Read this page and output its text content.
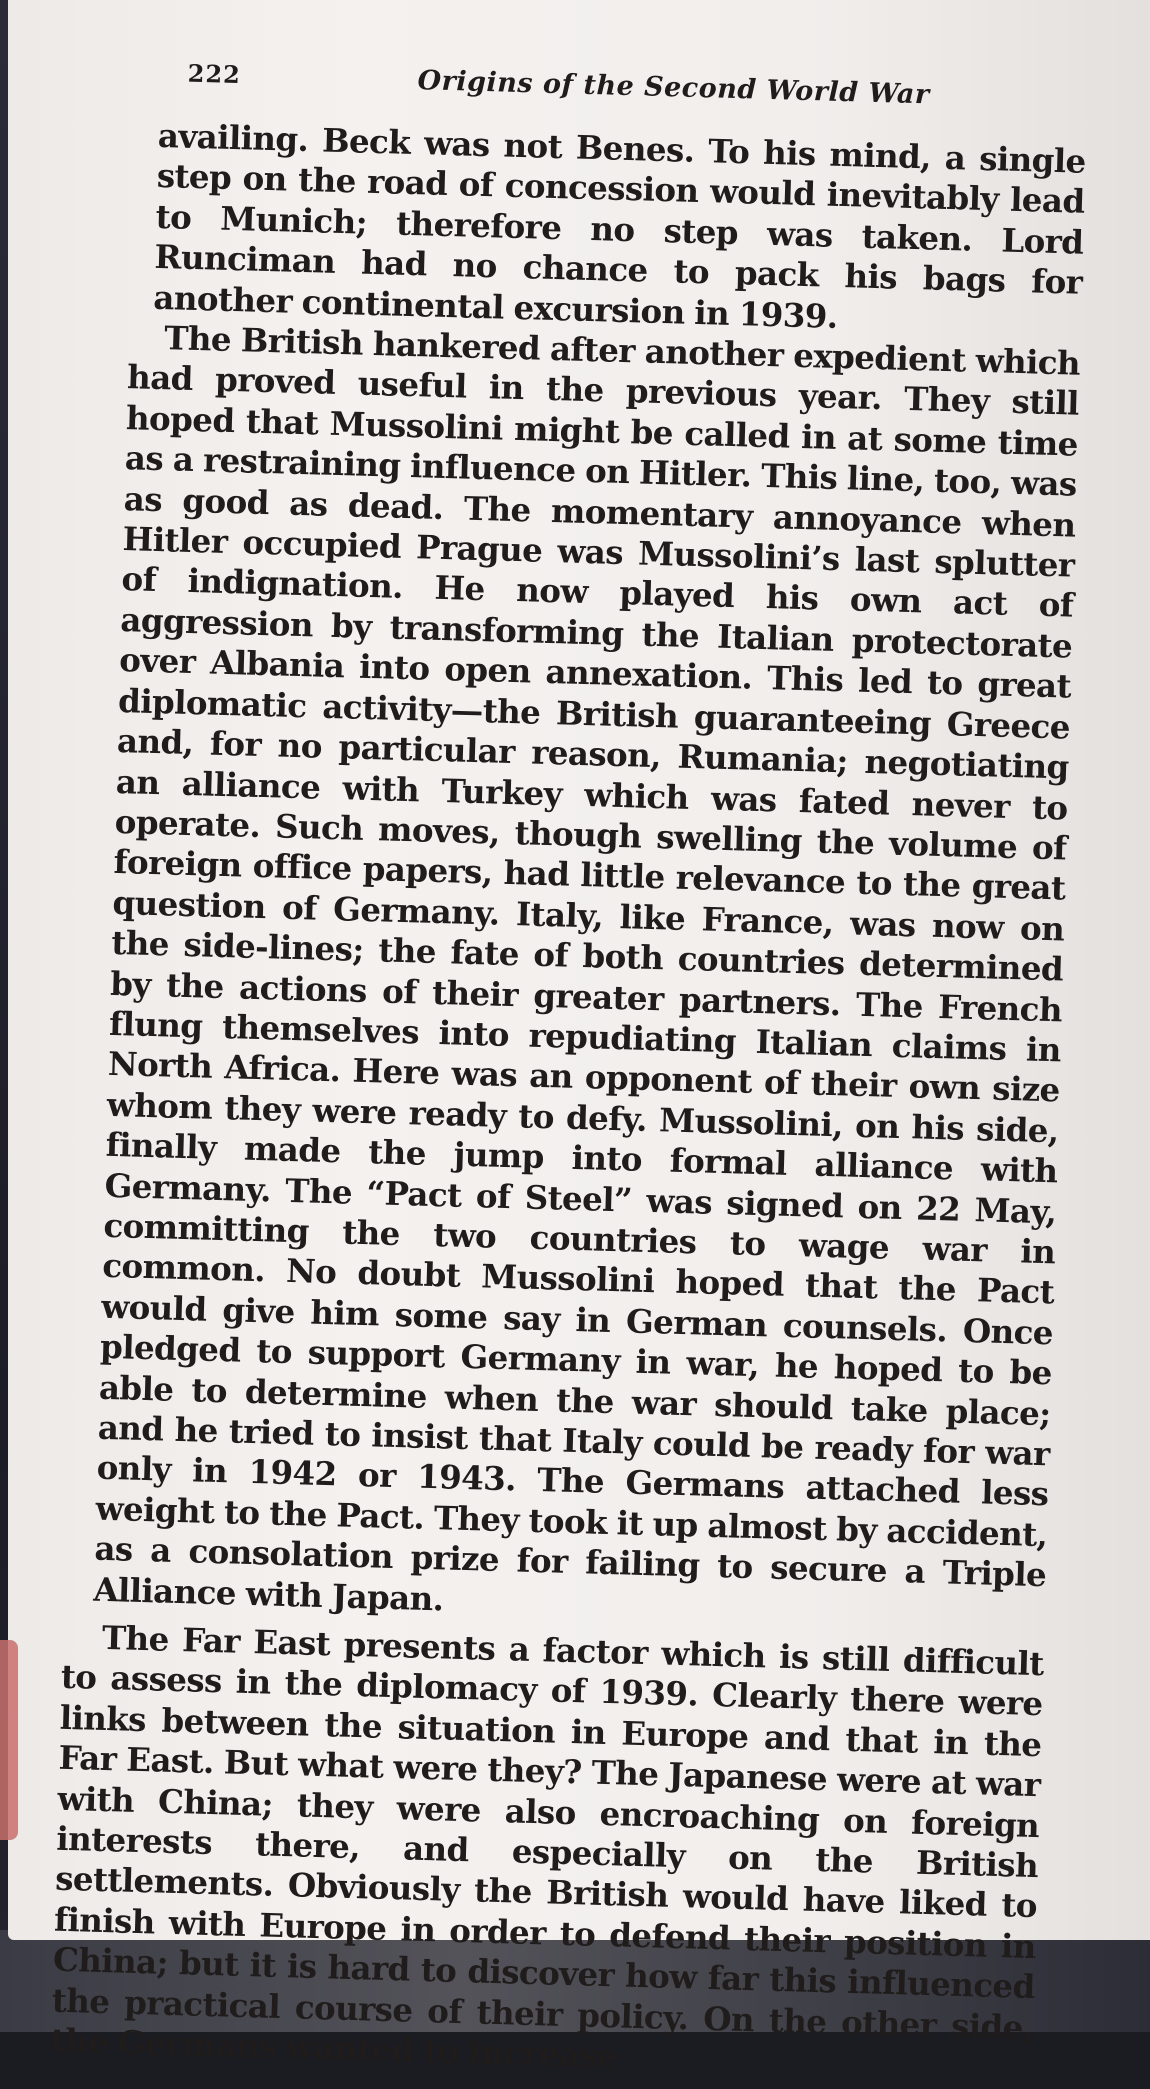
222	Origins of the Second World War

availing. Beck was not Benes. To his mind, a single step on the road of concession would inevitably lead to Munich; therefore no step was taken. Lord Runciman had no chance to pack his bags for another continental excursion in 1939.

The British hankered after another expedient which had proved useful in the previous year. They still hoped that Mussolini might be called in at some time as a restraining influence on Hitler. This line, too, was as good as dead. The momentary annoyance when Hitler occupied Prague was Mussolini’s last splutter of indignation. He now played his own act of aggression by transforming the Italian protectorate over Albania into open annexation. This led to great diplomatic activity—the British guaranteeing Greece and, for no particular reason, Rumania; negotiating an alliance with Turkey which was fated never to operate. Such moves, though swelling the volume of foreign office papers, had little relevance to the great question of Germany. Italy, like France, was now on the side-lines; the fate of both countries determined by the actions of their greater partners. The French flung themselves into repudiating Italian claims in North Africa. Here was an opponent of their own size whom they were ready to defy. Mussolini, on his side, finally made the jump into formal alliance with Germany. The “Pact of Steel” was signed on 22 May, committing the two countries to wage war in common. No doubt Mussolini hoped that the Pact would give him some say in German counsels. Once pledged to support Germany in war, he hoped to be able to determine when the war should take place; and he tried to insist that Italy could be ready for war only in 1942 or 1943. The Germans attached less weight to the Pact. They took it up almost by accident, as a consolation prize for failing to secure a Triple Alliance with Japan.

The Far East presents a factor which is still difficult to assess in the diplomacy of 1939. Clearly there were links between the situation in Europe and that in the Far East. But what were they? The Japanese were at war with China; they were also encroaching on foreign interests there, and especially on the British settlements. Obviously the British would have liked to finish with Europe in order to defend their position in China; but it is hard to discover how far this influenced the practical course of their policy. On the other side, the Germans wanted to increase
